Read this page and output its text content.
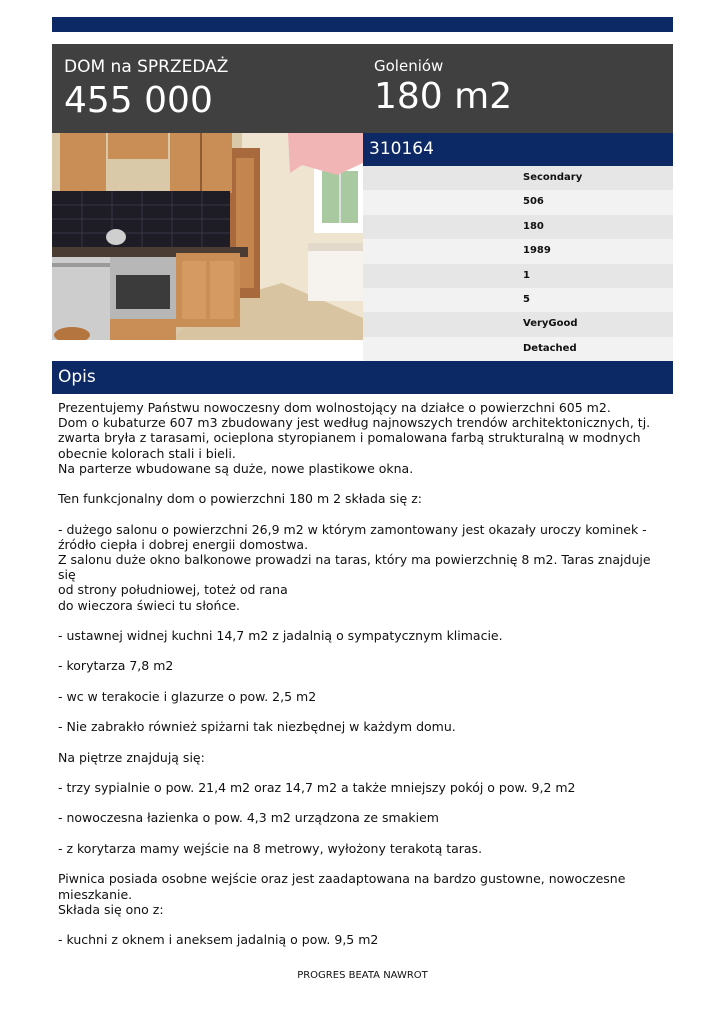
DOM na SPRZEDAŻ
455 000
Goleniów
180 m2
310164
Secondary
506
180
1989
1
5
VeryGood
Detached
Opis

Prezentujemy Państwu nowoczesny dom wolnostojący na działce o powierzchni 605 m2.
Dom o kubaturze 607 m3 zbudowany jest według najnowszych trendów architektonicznych, tj.
zwarta bryła z tarasami, ocieplona styropianem i pomalowana farbą strukturalną w modnych
obecnie kolorach stali i bieli.
Na parterze wbudowane są duże, nowe plastikowe okna.

Ten funkcjonalny dom o powierzchni 180 m 2 składa się z:

- dużego salonu o powierzchni 26,9 m2 w którym zamontowany jest okazały uroczy kominek -
źródło ciepła i dobrej energii domostwa.
Z salonu duże okno balkonowe prowadzi na taras, który ma powierzchnię 8 m2. Taras znajduje się
od strony południowej, toteż od rana
do wieczora świeci tu słońce.

- ustawnej widnej kuchni 14,7 m2 z jadalnią o sympatycznym klimacie.

- korytarza 7,8 m2

- wc w terakocie i glazurze o pow. 2,5 m2

- Nie zabrakło również spiżarni tak niezbędnej w każdym domu.

Na piętrze znajdują się:

- trzy sypialnie o pow. 21,4 m2 oraz 14,7 m2 a także mniejszy pokój o pow. 9,2 m2

- nowoczesna łazienka o pow. 4,3 m2 urządzona ze smakiem

- z korytarza mamy wejście na 8 metrowy, wyłożony terakotą taras.

Piwnica posiada osobne wejście oraz jest zaadaptowana na bardzo gustowne, nowoczesne
mieszkanie.
Składa się ono z:

- kuchni z oknem i aneksem jadalnią o pow. 9,5 m2

PROGRES BEATA NAWROT
